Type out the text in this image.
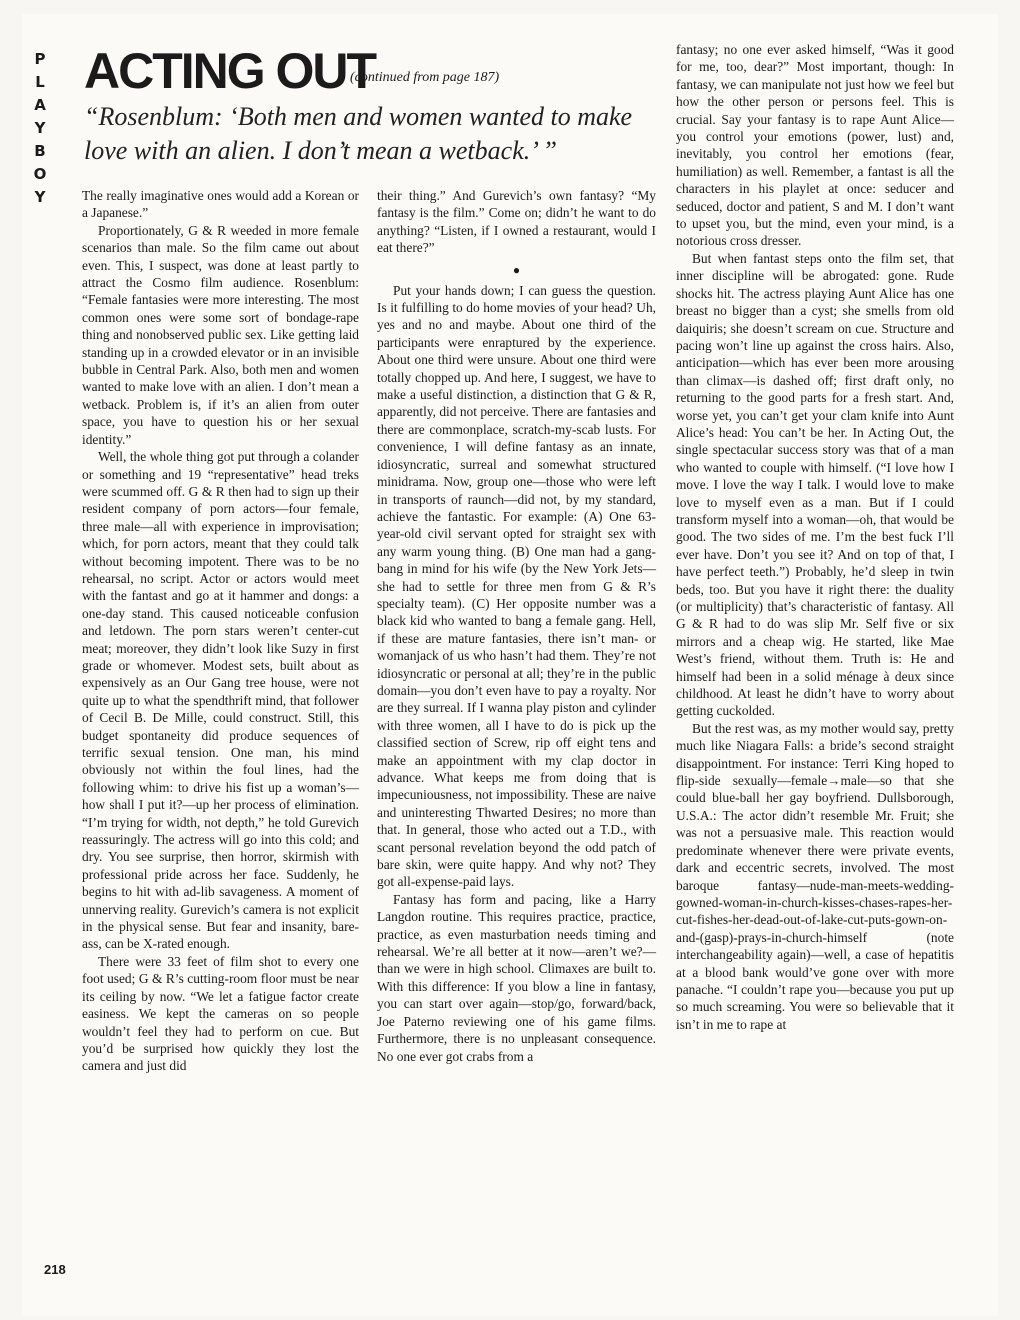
P
L
A
Y
B
O
Y
ACTING OUT
(continued from page 187)
“Rosenblum: ‘Both men and women wanted to make love with an alien. I don’t mean a wetback.’ ”

The really imaginative ones would add a Korean or a Japanese.”

Proportionately, G & R weeded in more female scenarios than male. So the film came out about even. This, I suspect, was done at least partly to attract the Cosmo film audience. Rosenblum: “Female fantasies were more interesting. The most common ones were some sort of bondage-rape thing and nonobserved public sex. Like getting laid standing up in a crowded elevator or in an invisible bubble in Central Park. Also, both men and women wanted to make love with an alien. I don’t mean a wetback. Problem is, if it’s an alien from outer space, you have to question his or her sexual identity.”

Well, the whole thing got put through a colander or something and 19 “representative” head treks were scummed off. G & R then had to sign up their resident company of porn actors—four female, three male—all with experience in improvisation; which, for porn actors, meant that they could talk without becoming impotent. There was to be no rehearsal, no script. Actor or actors would meet with the fantast and go at it hammer and dongs: a one-day stand. This caused noticeable confusion and letdown. The porn stars weren’t center-cut meat; moreover, they didn’t look like Suzy in first grade or whomever. Modest sets, built about as expensively as an Our Gang tree house, were not quite up to what the spendthrift mind, that follower of Cecil B. De Mille, could construct. Still, this budget spontaneity did produce sequences of terrific sexual tension. One man, his mind obviously not within the foul lines, had the following whim: to drive his fist up a woman’s—how shall I put it?—up her process of elimination. “I’m trying for width, not depth,” he told Gurevich reassuringly. The actress will go into this cold; and dry. You see surprise, then horror, skirmish with professional pride across her face. Suddenly, he begins to hit with ad-lib savageness. A moment of unnerving reality. Gurevich’s camera is not explicit in the physical sense. But fear and insanity, bare-ass, can be X-rated enough.

There were 33 feet of film shot to every one foot used; G & R’s cutting-room floor must be near its ceiling by now. “We let a fatigue factor create easiness. We kept the cameras on so people wouldn’t feel they had to perform on cue. But you’d be surprised how quickly they lost the camera and just did

their thing.” And Gurevich’s own fantasy? “My fantasy is the film.” Come on; didn’t he want to do anything? “Listen, if I owned a restaurant, would I eat there?”

●

Put your hands down; I can guess the question. Is it fulfilling to do home movies of your head? Uh, yes and no and maybe. About one third of the participants were enraptured by the experience. About one third were unsure. About one third were totally chopped up. And here, I suggest, we have to make a useful distinction, a distinction that G & R, apparently, did not perceive. There are fantasies and there are commonplace, scratch-my-scab lusts. For convenience, I will define fantasy as an innate, idiosyncratic, surreal and somewhat structured minidrama. Now, group one—those who were left in transports of raunch—did not, by my standard, achieve the fantastic. For example: (A) One 63-year-old civil servant opted for straight sex with any warm young thing. (B) One man had a gang-bang in mind for his wife (by the New York Jets—she had to settle for three men from G & R’s specialty team). (C) Her opposite number was a black kid who wanted to bang a female gang. Hell, if these are mature fantasies, there isn’t man- or womanjack of us who hasn’t had them. They’re not idiosyncratic or personal at all; they’re in the public domain—you don’t even have to pay a royalty. Nor are they surreal. If I wanna play piston and cylinder with three women, all I have to do is pick up the classified section of Screw, rip off eight tens and make an appointment with my clap doctor in advance. What keeps me from doing that is impecuniousness, not impossibility. These are naive and uninteresting Thwarted Desires; no more than that. In general, those who acted out a T.D., with scant personal revelation beyond the odd patch of bare skin, were quite happy. And why not? They got all-expense-paid lays.

Fantasy has form and pacing, like a Harry Langdon routine. This requires practice, practice, practice, as even masturbation needs timing and rehearsal. We’re all better at it now—aren’t we?—than we were in high school. Climaxes are built to. With this difference: If you blow a line in fantasy, you can start over again—stop/go, forward/back, Joe Paterno reviewing one of his game films. Furthermore, there is no unpleasant consequence. No one ever got crabs from a

fantasy; no one ever asked himself, “Was it good for me, too, dear?” Most important, though: In fantasy, we can manipulate not just how we feel but how the other person or persons feel. This is crucial. Say your fantasy is to rape Aunt Alice—you control your emotions (power, lust) and, inevitably, you control her emotions (fear, humiliation) as well. Remember, a fantast is all the characters in his playlet at once: seducer and seduced, doctor and patient, S and M. I don’t want to upset you, but the mind, even your mind, is a notorious cross dresser.

But when fantast steps onto the film set, that inner discipline will be abrogated: gone. Rude shocks hit. The actress playing Aunt Alice has one breast no bigger than a cyst; she smells from old daiquiris; she doesn’t scream on cue. Structure and pacing won’t line up against the cross hairs. Also, anticipation—which has ever been more arousing than climax—is dashed off; first draft only, no returning to the good parts for a fresh start. And, worse yet, you can’t get your clam knife into Aunt Alice’s head: You can’t be her. In Acting Out, the single spectacular success story was that of a man who wanted to couple with himself. (“I love how I move. I love the way I talk. I would love to make love to myself even as a man. But if I could transform myself into a woman—oh, that would be good. The two sides of me. I’m the best fuck I’ll ever have. Don’t you see it? And on top of that, I have perfect teeth.”) Probably, he’d sleep in twin beds, too. But you have it right there: the duality (or multiplicity) that’s characteristic of fantasy. All G & R had to do was slip Mr. Self five or six mirrors and a cheap wig. He started, like Mae West’s friend, without them. Truth is: He and himself had been in a solid ménage à deux since childhood. At least he didn’t have to worry about getting cuckolded.

But the rest was, as my mother would say, pretty much like Niagara Falls: a bride’s second straight disappointment. For instance: Terri King hoped to flip-side sexually—female→male—so that she could blue-ball her gay boyfriend. Dullsborough, U.S.A.: The actor didn’t resemble Mr. Fruit; she was not a persuasive male. This reaction would predominate whenever there were private events, dark and eccentric secrets, involved. The most baroque fantasy—nude-man-meets-wedding-gowned-woman-in-church-kisses-chases-rapes-her-cut-fishes-her-dead-out-of-lake-cut-puts-gown-on-and-(gasp)-prays-in-church-himself (note interchangeability again)—well, a case of hepatitis at a blood bank would’ve gone over with more panache. “I couldn’t rape you—because you put up so much screaming. You were so believable that it isn’t in me to rape at

218
